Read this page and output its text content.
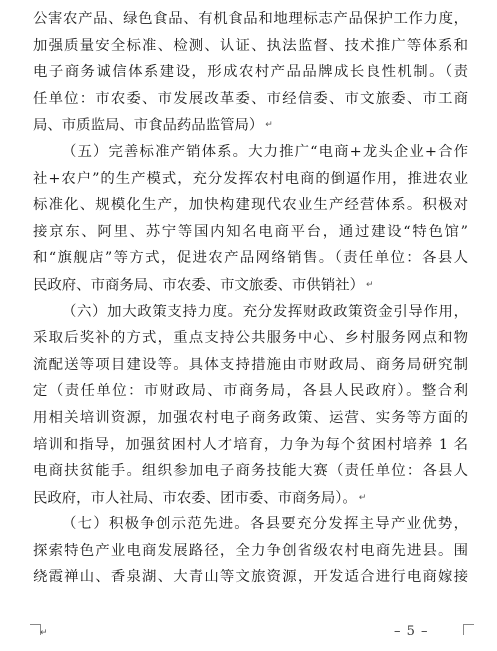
公害农产品、绿色食品、有机食品和地理标志产品保护工作力度，
加强质量安全标准、检测、认证、执法监督、技术推广等体系和
电子商务诚信体系建设，形成农村产品品牌成长良性机制。（责
任单位：市农委、市发展改革委、市经信委、市文旅委、市工商
局、市质监局、市食品药品监管局） ↵
（五）完善标准产销体系。大力推广“电商+龙头企业+合作
社+农户”的生产模式，充分发挥农村电商的倒逼作用，推进农业
标准化、规模化生产，加快构建现代农业生产经营体系。积极对
接京东、阿里、苏宁等国内知名电商平台，通过建设“特色馆”
和“旗舰店”等方式，促进农产品网络销售。（责任单位：各县人
民政府、市商务局、市农委、市文旅委、市供销社） ↵
（六）加大政策支持力度。充分发挥财政政策资金引导作用，
采取后奖补的方式，重点支持公共服务中心、乡村服务网点和物
流配送等项目建设等。具体支持措施由市财政局、商务局研究制
定（责任单位：市财政局、市商务局，各县人民政府）。整合利
用相关培训资源，加强农村电子商务政策、运营、实务等方面的
培训和指导，加强贫困村人才培育，力争为每个贫困村培养 1 名
电商扶贫能手。组织参加电子商务技能大赛（责任单位：各县人
民政府，市人社局、市农委、团市委、市商务局）。 ↵
（七）积极争创示范先进。各县要充分发挥主导产业优势，
探索特色产业电商发展路径，全力争创省级农村电商先进县。围
绕霞禅山、香泉湖、大青山等文旅资源，开发适合进行电商嫁接
↵	– 5 –
